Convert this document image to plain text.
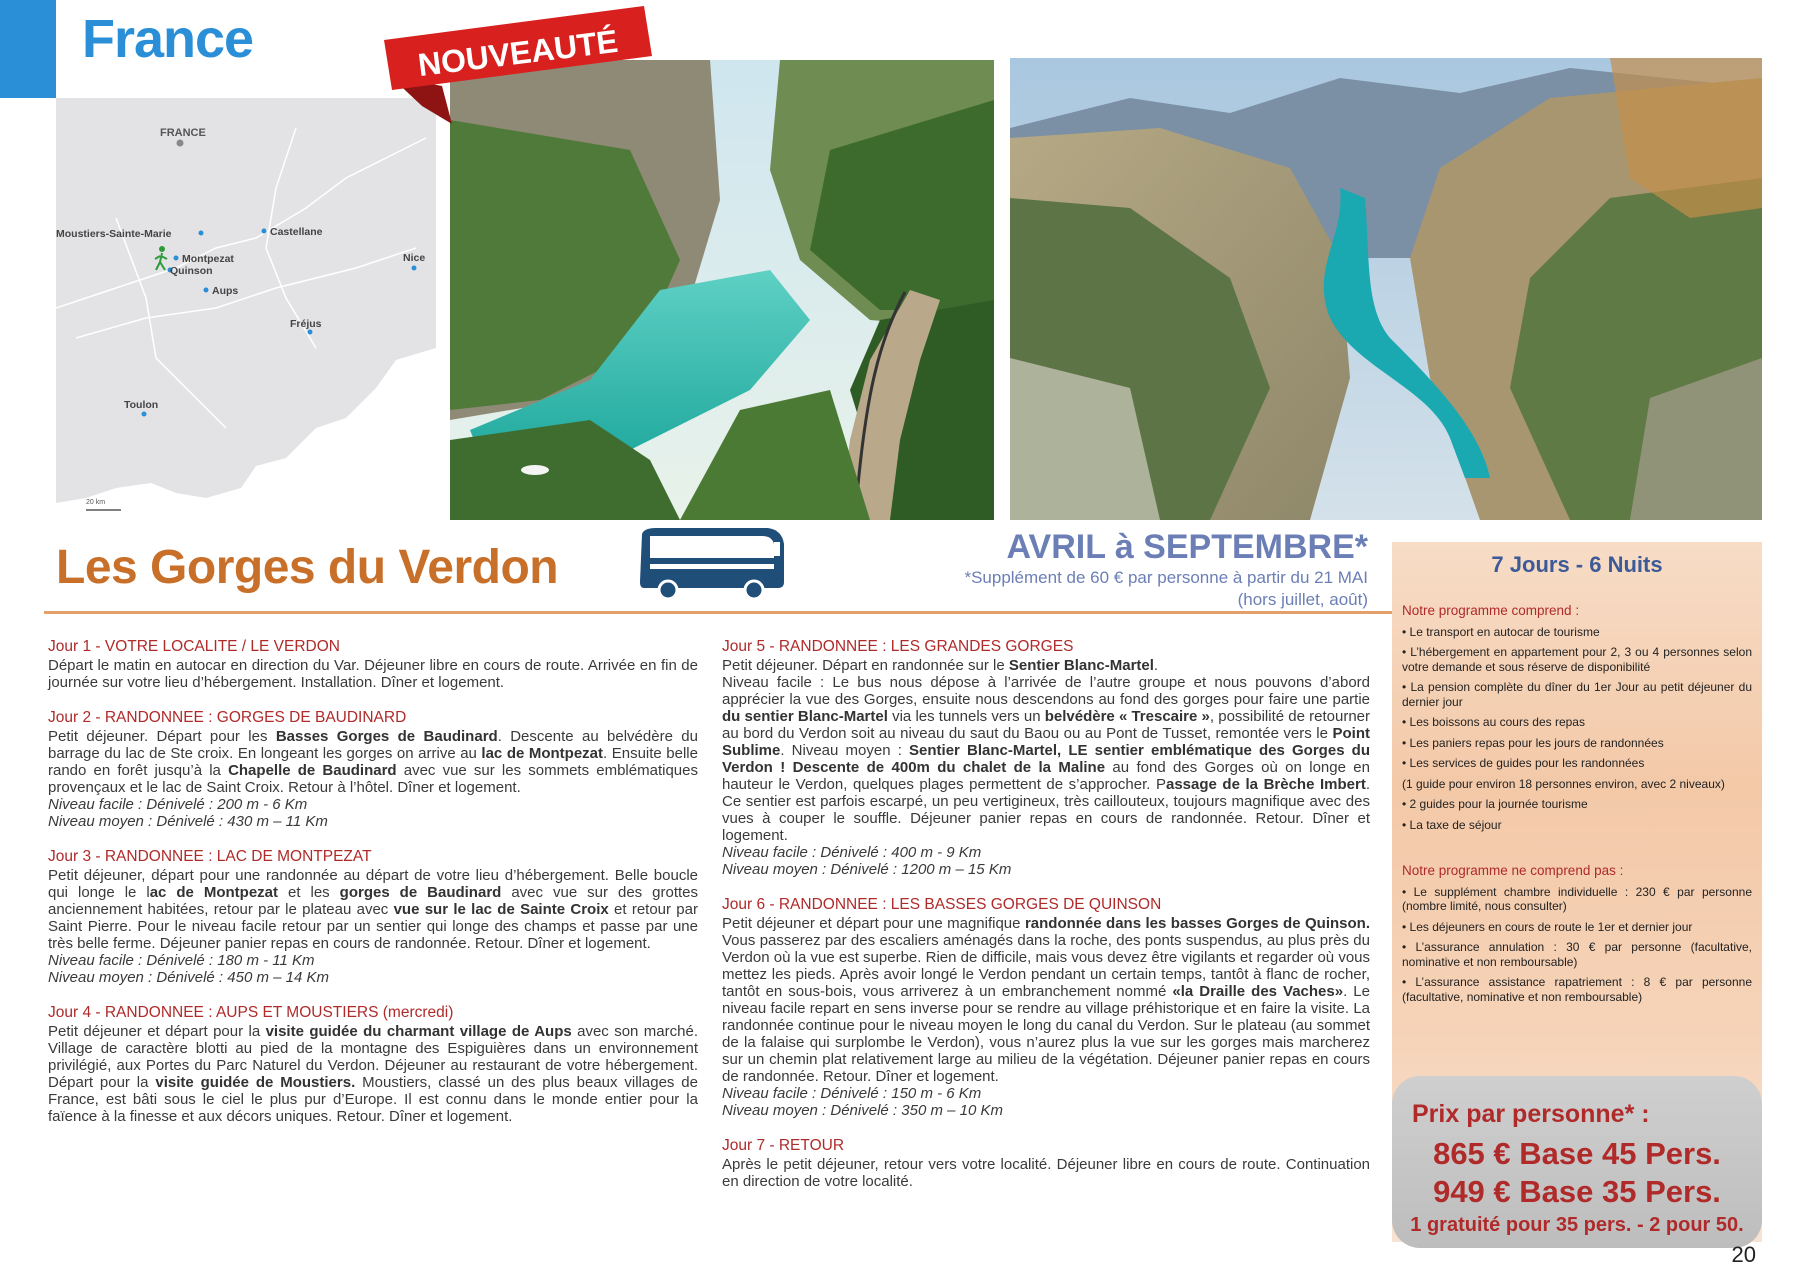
France
FRANCE
Moustiers-Sainte-Marie	Castellane
Montpezat
Quinson
Nice
Aups
Fréjus
Toulon
20 km
NOUVEAUTÉ
Les Gorges du Verdon	AVRIL à SEPTEMBRE*
*Supplément de 60 € par personne à partir du 21 MAI
(hors juillet, août)
Jour 1 - VOTRE LOCALITE / LE VERDON
Départ le matin en autocar en direction du Var. Déjeuner libre en cours de route. Arrivée en fin de journée sur votre lieu d’hébergement. Installation. Dîner et logement.
Jour 2 - RANDONNEE : GORGES DE BAUDINARD
Petit déjeuner. Départ pour les Basses Gorges de Baudinard. Descente au belvédère du barrage du lac de Ste croix. En longeant les gorges on arrive au lac de Montpezat. Ensuite belle rando en forêt jusqu’à la Chapelle de Baudinard avec vue sur les sommets emblématiques provençaux et le lac de Saint Croix. Retour à l’hôtel. Dîner et logement.
Niveau facile : Dénivelé : 200 m - 6 Km
Niveau moyen : Dénivelé : 430 m – 11 Km
Jour 3 - RANDONNEE : LAC DE MONTPEZAT
Petit déjeuner, départ pour une randonnée au départ de votre lieu d’hébergement. Belle boucle qui longe le lac de Montpezat et les gorges de Baudinard avec vue sur des grottes anciennement habitées, retour par le plateau avec vue sur le lac de Sainte Croix et retour par Saint Pierre. Pour le niveau facile retour par un sentier qui longe des champs et passe par une très belle ferme. Déjeuner panier repas en cours de randonnée. Retour. Dîner et logement.
Niveau facile : Dénivelé : 180 m - 11 Km
Niveau moyen : Dénivelé : 450 m – 14 Km
Jour 4 - RANDONNEE : AUPS ET MOUSTIERS (mercredi)
Petit déjeuner et départ pour la visite guidée du charmant village de Aups avec son marché. Village de caractère blotti au pied de la montagne des Espiguières dans un environnement privilégié, aux Portes du Parc Naturel du Verdon. Déjeuner au restaurant de votre hébergement. Départ pour la visite guidée de Moustiers. Moustiers, classé un des plus beaux villages de France, est bâti sous le ciel le plus pur d’Europe. Il est connu dans le monde entier pour la faïence à la finesse et aux décors uniques. Retour. Dîner et logement.
Jour 5 - RANDONNEE : LES GRANDES GORGES
Petit déjeuner. Départ en randonnée sur le Sentier Blanc-Martel.
Niveau facile : Le bus nous dépose à l’arrivée de l’autre groupe et nous pouvons d’abord apprécier la vue des Gorges, ensuite nous descendons au fond des gorges pour faire une partie du sentier Blanc-Martel via les tunnels vers un belvédère « Trescaire », possibilité de retourner au bord du Verdon soit au niveau du saut du Baou ou au Pont de Tusset, remontée vers le Point Sublime. Niveau moyen : Sentier Blanc-Martel, LE sentier emblématique des Gorges du Verdon ! Descente de 400m du chalet de la Maline au fond des Gorges où on longe en hauteur le Verdon, quelques plages permettent de s’approcher. Passage de la Brèche Imbert. Ce sentier est parfois escarpé, un peu vertigineux, très caillouteux, toujours magnifique avec des vues à couper le souffle. Déjeuner panier repas en cours de randonnée. Retour. Dîner et logement.
Niveau facile : Dénivelé : 400 m - 9 Km
Niveau moyen : Dénivelé : 1200 m – 15 Km
Jour 6 - RANDONNEE : LES BASSES GORGES DE QUINSON
Petit déjeuner et départ pour une magnifique randonnée dans les basses Gorges de Quinson. Vous passerez par des escaliers aménagés dans la roche, des ponts suspendus, au plus près du Verdon où la vue est superbe. Rien de difficile, mais vous devez être vigilants et regarder où vous mettez les pieds. Après avoir longé le Verdon pendant un certain temps, tantôt à flanc de rocher, tantôt en sous-bois, vous arriverez à un embranchement nommé «la Draille des Vaches». Le niveau facile repart en sens inverse pour se rendre au village préhistorique et en faire la visite. La randonnée continue pour le niveau moyen le long du canal du Verdon. Sur le plateau (au sommet de la falaise qui surplombe le Verdon), vous n’aurez plus la vue sur les gorges mais marcherez sur un chemin plat relativement large au milieu de la végétation. Déjeuner panier repas en cours de randonnée. Retour. Dîner et logement.
Niveau facile : Dénivelé : 150 m - 6 Km
Niveau moyen : Dénivelé : 350 m – 10 Km
Jour 7 - RETOUR
Après le petit déjeuner, retour vers votre localité. Déjeuner libre en cours de route. Continuation en direction de votre localité.
7 Jours - 6 Nuits
Notre programme comprend :
• Le transport en autocar de tourisme
• L’hébergement en appartement pour 2, 3 ou 4 personnes selon votre demande et sous réserve de disponibilité
• La pension complète du dîner du 1er Jour au petit déjeuner du dernier jour
• Les boissons au cours des repas
• Les paniers repas pour les jours de randonnées
• Les services de guides pour les randonnées
(1 guide pour environ 18 personnes environ, avec 2 niveaux)
• 2 guides pour la journée tourisme
• La taxe de séjour
Notre programme ne comprend pas :
• Le supplément chambre individuelle : 230 € par personne (nombre limité, nous consulter)
• Les déjeuners en cours de route le 1er et dernier jour
• L’assurance annulation : 30 € par personne (facultative, nominative et non remboursable)
• L’assurance assistance rapatriement : 8 € par personne (facultative, nominative et non remboursable)
Prix par personne* :
865 € Base 45 Pers.
949 € Base 35 Pers.
1 gratuité pour 35 pers. - 2 pour 50.
20
